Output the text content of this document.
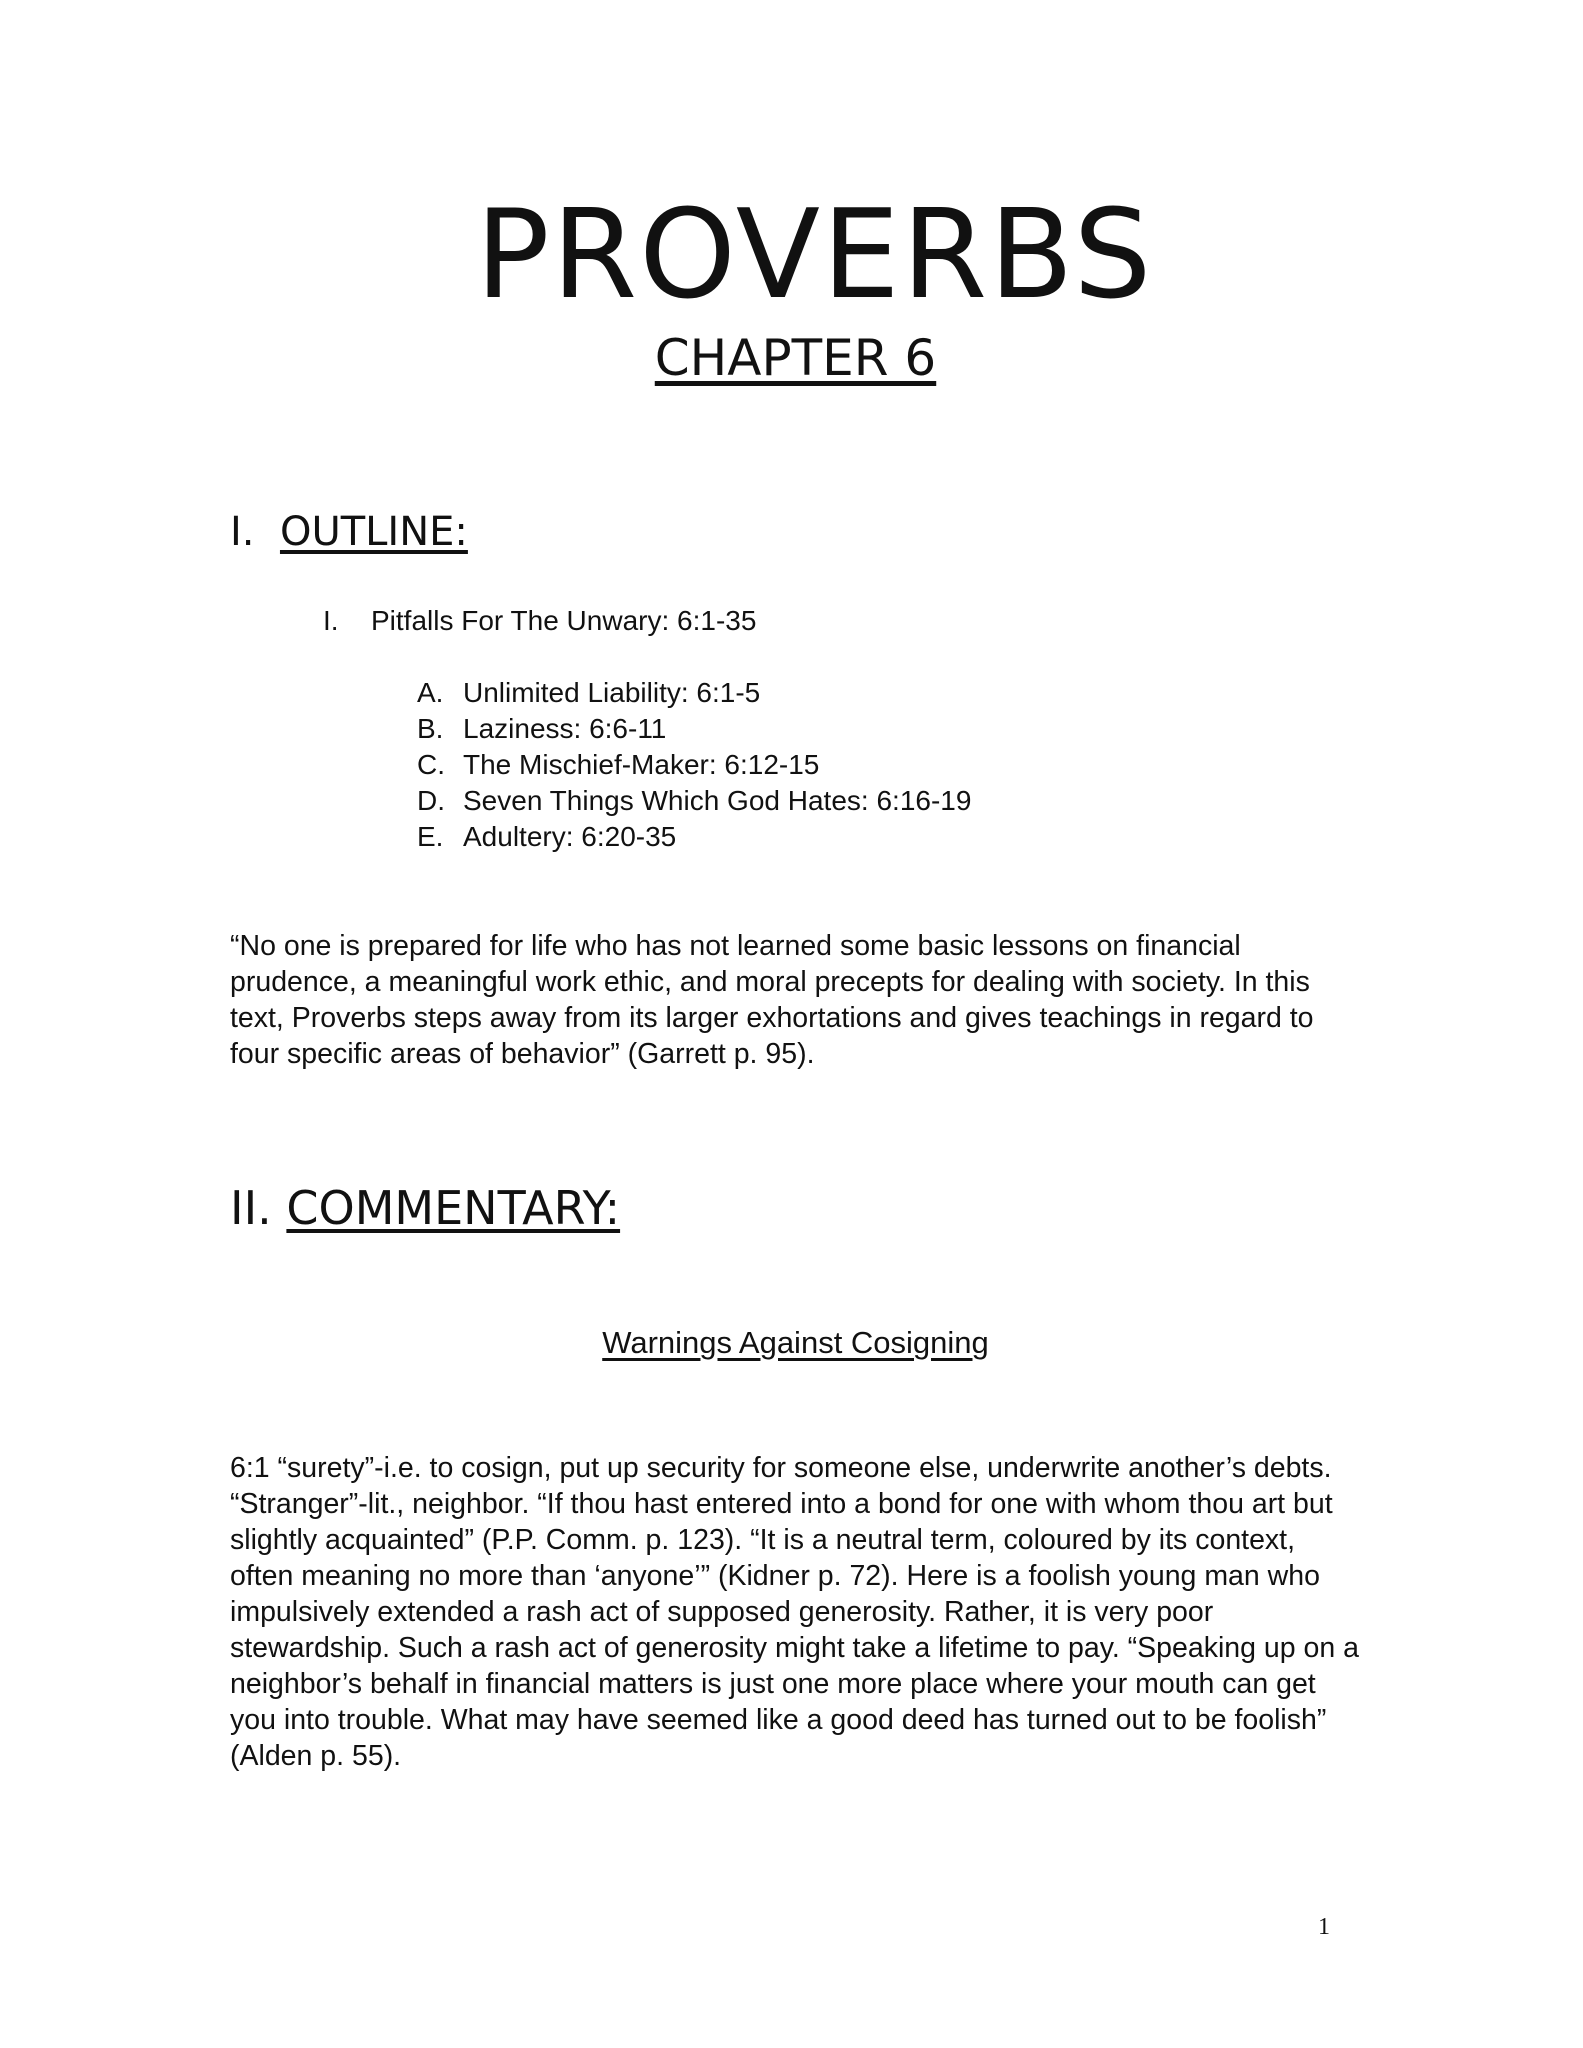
PROVERBS
CHAPTER 6
I. OUTLINE:
I. Pitfalls For The Unwary: 6:1-35
A. Unlimited Liability: 6:1-5
B. Laziness: 6:6-11
C. The Mischief-Maker: 6:12-15
D. Seven Things Which God Hates: 6:16-19
E. Adultery: 6:20-35

“No one is prepared for life who has not learned some basic lessons on financial prudence, a meaningful work ethic, and moral precepts for dealing with society. In this text, Proverbs steps away from its larger exhortations and gives teachings in regard to four specific areas of behavior” (Garrett p. 95).

II. COMMENTARY:
Warnings Against Cosigning

6:1 “surety”-i.e. to cosign, put up security for someone else, underwrite another’s debts. “Stranger”-lit., neighbor. “If thou hast entered into a bond for one with whom thou art but slightly acquainted” (P.P. Comm. p. 123). “It is a neutral term, coloured by its context, often meaning no more than ‘anyone’” (Kidner p. 72). Here is a foolish young man who impulsively extended a rash act of supposed generosity. Rather, it is very poor stewardship. Such a rash act of generosity might take a lifetime to pay. “Speaking up on a neighbor’s behalf in financial matters is just one more place where your mouth can get you into trouble. What may have seemed like a good deed has turned out to be foolish” (Alden p. 55).

1
